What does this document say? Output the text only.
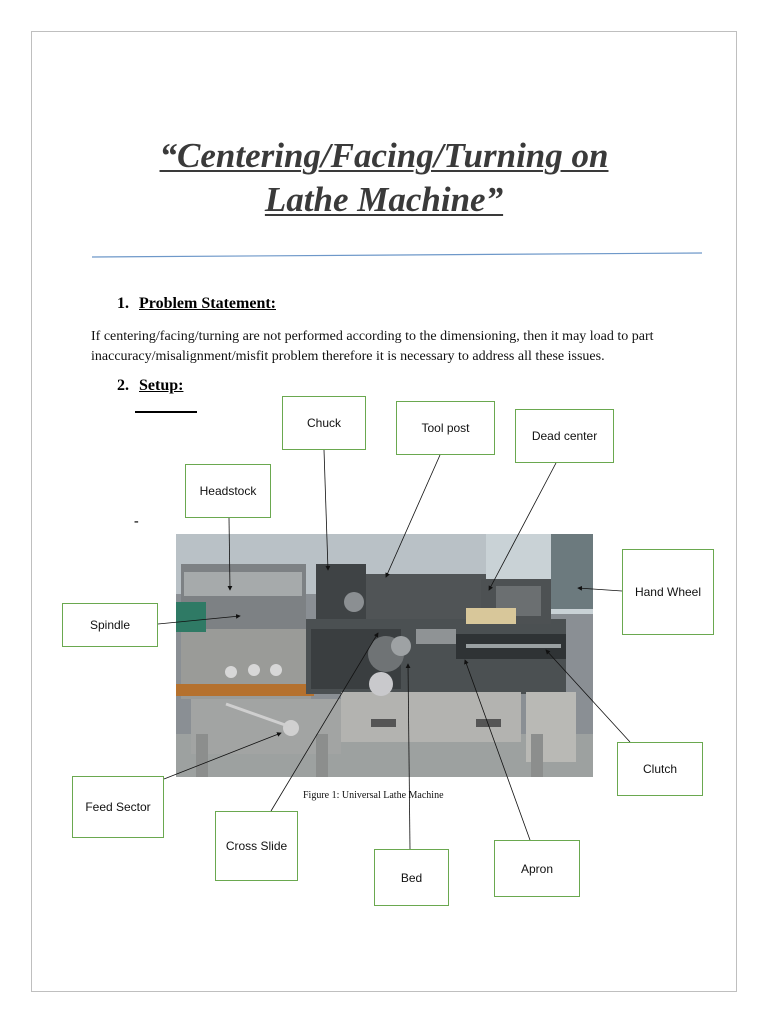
“Centering/Facing/Turning on
Lathe Machine”
1. Problem Statement:
If centering/facing/turning are not performed according to the dimensioning, then it may load to part inaccuracy/misalignment/misfit problem therefore it is necessary to address all these issues.
2. Setup:
-
Figure 1: Universal Lathe Machine
Chuck	Tool post
Dead center
Headstock
Spindle
Hand Wheel
Clutch
Feed Sector
Cross Slide
Bed
Apron
